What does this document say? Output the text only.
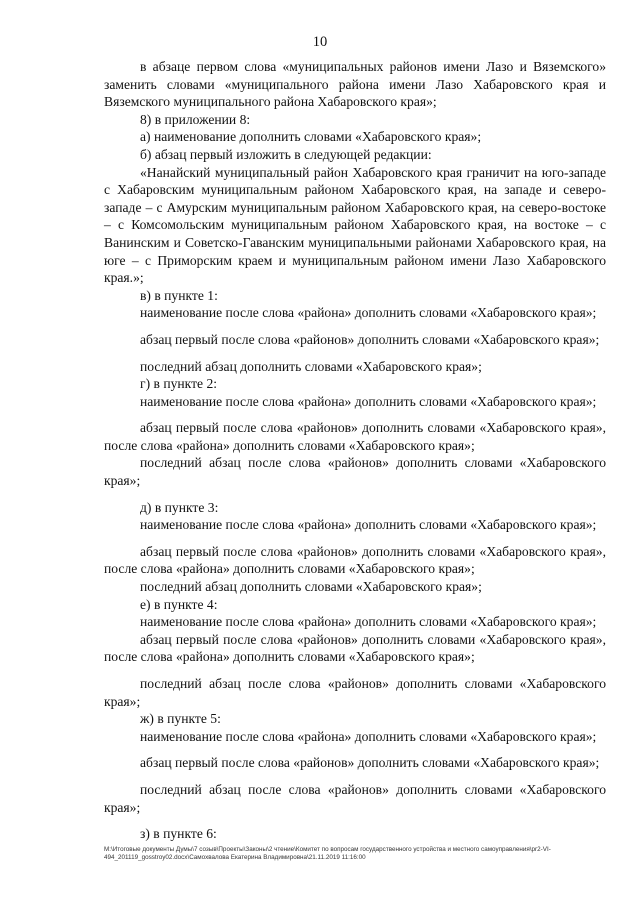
10

в абзаце первом слова «муниципальных районов имени Лазо и Вяземского» заменить словами «муниципального района имени Лазо Хабаровского края и Вяземского муниципального района Хабаровского края»;

8) в приложении 8:

а) наименование дополнить словами «Хабаровского края»;

б) абзац первый изложить в следующей редакции:

«Нанайский муниципальный район Хабаровского края граничит на юго-западе с Хабаровским муниципальным районом Хабаровского края, на западе и северо-западе – с Амурским муниципальным районом Хабаровского края, на северо-востоке – с Комсомольским муниципальным районом Хабаровского края, на востоке – с Ванинским и Советско-Гаванским муниципальными районами Хабаровского края, на юге – с Приморским краем и муниципальным районом имени Лазо Хабаровского края.»;

в) в пункте 1:

наименование после слова «района» дополнить словами «Хабаровского края»;

абзац первый после слова «районов» дополнить словами «Хабаровского края»;

последний абзац дополнить словами «Хабаровского края»;

г) в пункте 2:

наименование после слова «района» дополнить словами «Хабаровского края»;

абзац первый после слова «районов» дополнить словами «Хабаровского края», после слова «района» дополнить словами «Хабаровского края»;

последний абзац после слова «районов» дополнить словами «Хабаровского края»;

д) в пункте 3:

наименование после слова «района» дополнить словами «Хабаровского края»;

абзац первый после слова «районов» дополнить словами «Хабаровского края», после слова «района» дополнить словами «Хабаровского края»;

последний абзац дополнить словами «Хабаровского края»;

е) в пункте 4:

наименование после слова «района» дополнить словами «Хабаровского края»;

абзац первый после слова «районов» дополнить словами «Хабаровского края», после слова «района» дополнить словами «Хабаровского края»;

последний абзац после слова «районов» дополнить словами «Хабаровского края»;

ж) в пункте 5:

наименование после слова «района» дополнить словами «Хабаровского края»;

абзац первый после слова «районов» дополнить словами «Хабаровского края»;

последний абзац после слова «районов» дополнить словами «Хабаровского края»;

з) в пункте 6:

M:\Итоговые документы Думы\7 созыв\Проекты\Законы\2 чтение\Комитет по вопросам государственного устройства и местного самоуправления\pr2-VI-
494_201119_gosstroy02.docx\Самохвалова Екатерина Владимировна\21.11.2019 11:16:00
